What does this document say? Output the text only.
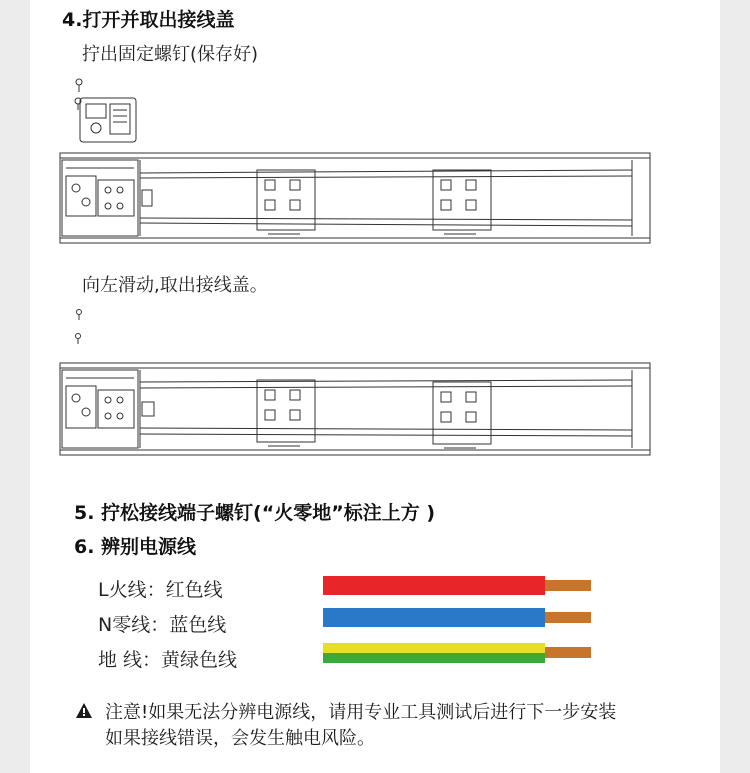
4.打开并取出接线盖
拧出固定螺钉(保存好)
向左滑动,取出接线盖。
5. 拧松接线端子螺钉(“火零地”标注上方 )
6. 辨别电源线
L火线：红色线
N零线：蓝色线
地 线：黄绿色线
注意!如果无法分辨电源线，请用专业工具测试后进行下一步安装
如果接线错误，会发生触电风险。
